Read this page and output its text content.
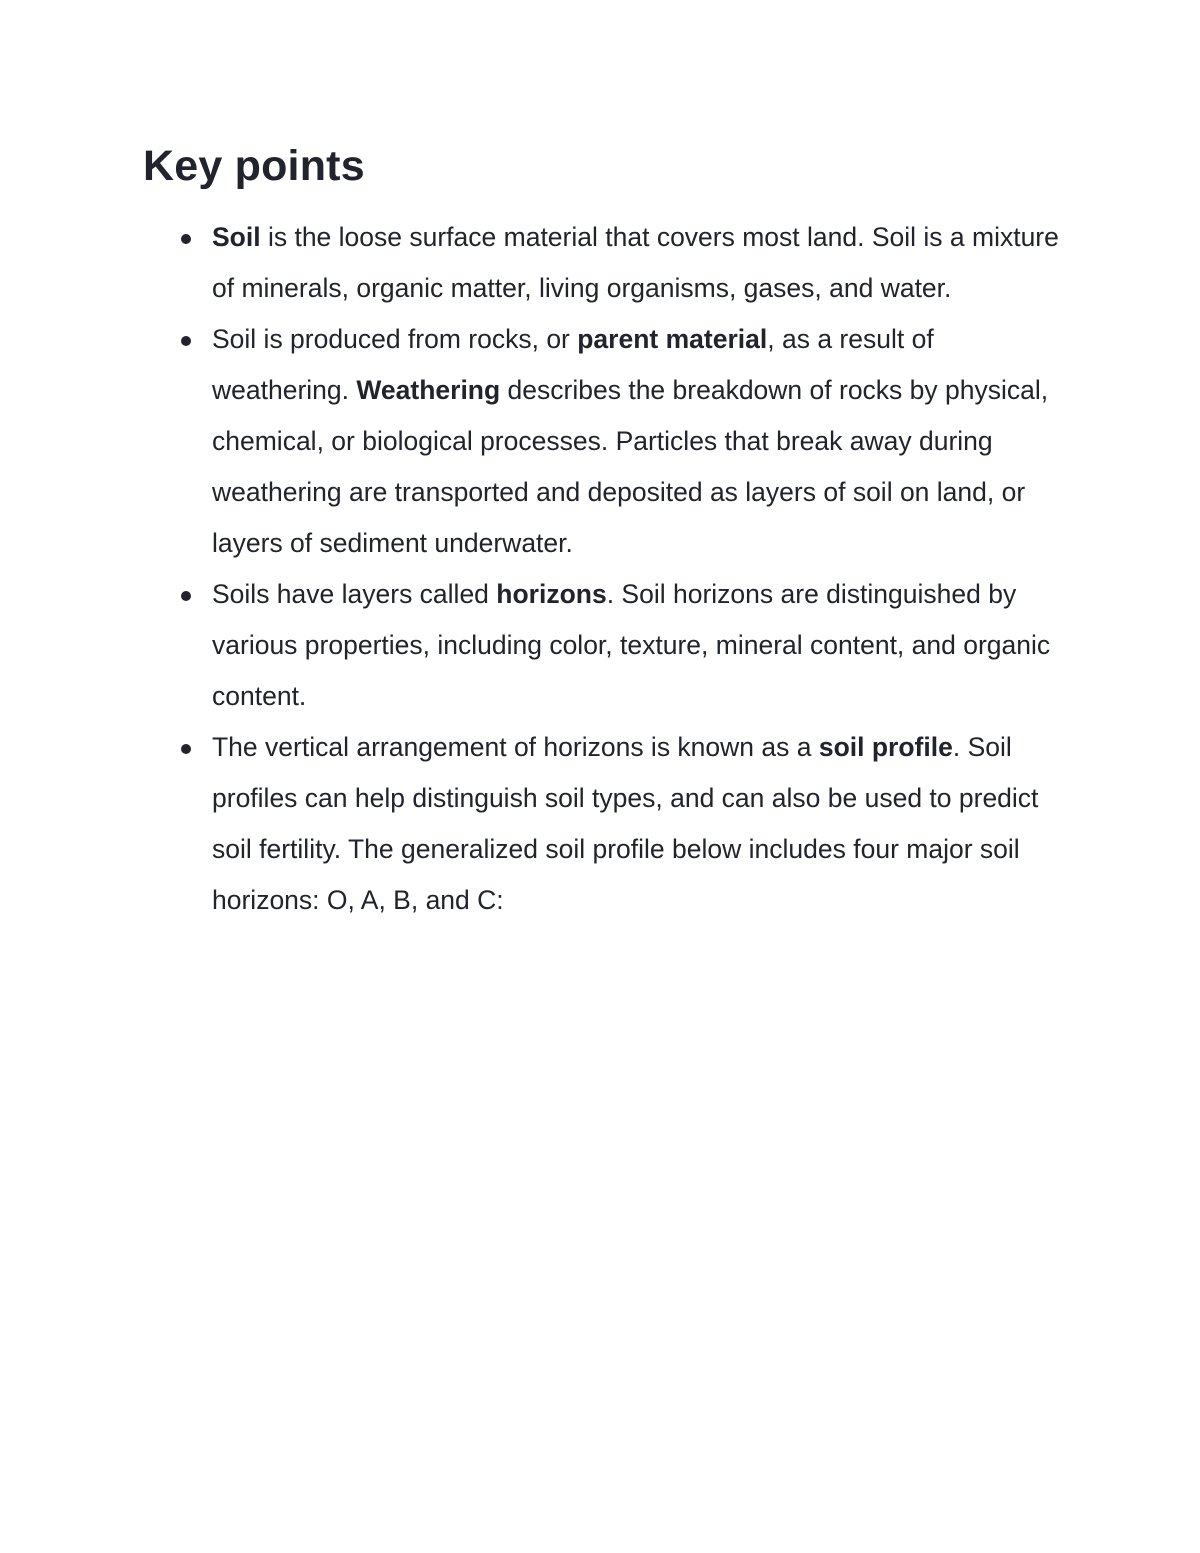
Key points
Soil is the loose surface material that covers most land. Soil is a mixture of minerals, organic matter, living organisms, gases, and water.
Soil is produced from rocks, or parent material, as a result of weathering. Weathering describes the breakdown of rocks by physical, chemical, or biological processes. Particles that break away during weathering are transported and deposited as layers of soil on land, or layers of sediment underwater.
Soils have layers called horizons. Soil horizons are distinguished by various properties, including color, texture, mineral content, and organic content.
The vertical arrangement of horizons is known as a soil profile. Soil profiles can help distinguish soil types, and can also be used to predict soil fertility. The generalized soil profile below includes four major soil horizons: O, A, B, and C:
